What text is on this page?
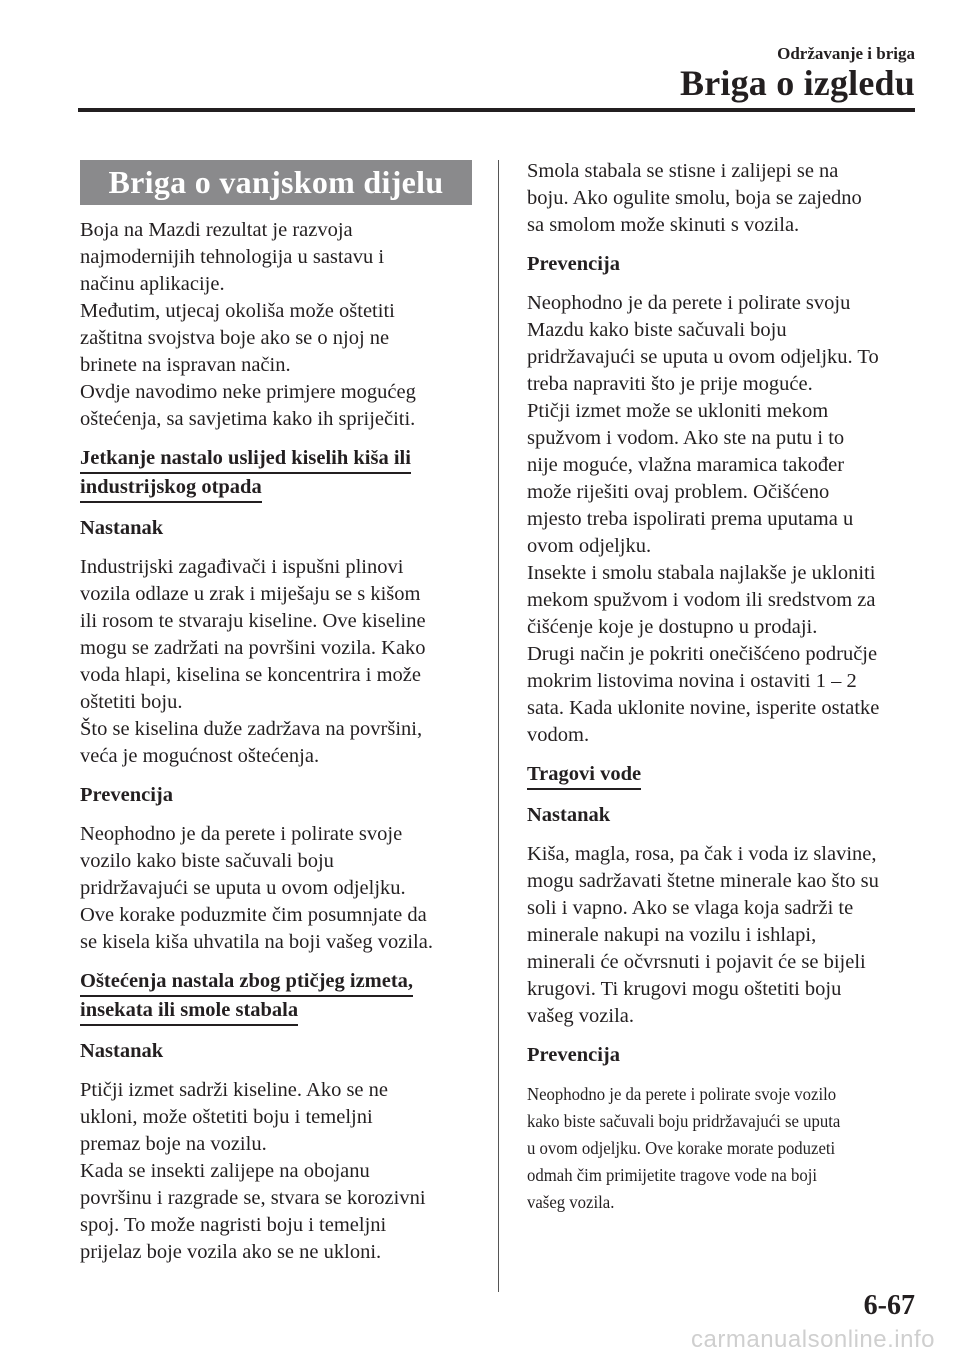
Održavanje i briga
Briga o izgledu
Briga o vanjskom dijelu

Boja na Mazdi rezultat je razvoja
najmodernijih tehnologija u sastavu i
načinu aplikacije.
Međutim, utjecaj okoliša može oštetiti
zaštitna svojstva boje ako se o njoj ne
brinete na ispravan način.
Ovdje navodimo neke primjere mogućeg
oštećenja, sa savjetima kako ih spriječiti.

Jetkanje nastalo uslijed kiselih kiša ili
industrijskog otpada
Nastanak

Industrijski zagađivači i ispušni plinovi
vozila odlaze u zrak i miješaju se s kišom
ili rosom te stvaraju kiseline. Ove kiseline
mogu se zadržati na površini vozila. Kako
voda hlapi, kiselina se koncentrira i može
oštetiti boju.
Što se kiselina duže zadržava na površini,
veća je mogućnost oštećenja.

Prevencija

Neophodno je da perete i polirate svoje
vozilo kako biste sačuvali boju
pridržavajući se uputa u ovom odjeljku.
Ove korake poduzmite čim posumnjate da
se kisela kiša uhvatila na boji vašeg vozila.

Oštećenja nastala zbog ptičjeg izmeta,
insekata ili smole stabala
Nastanak

Ptičji izmet sadrži kiseline. Ako se ne
ukloni, može oštetiti boju i temeljni
premaz boje na vozilu.
Kada se insekti zalijepe na obojanu
površinu i razgrade se, stvara se korozivni
spoj. To može nagristi boju i temeljni
prijelaz boje vozila ako se ne ukloni.

Smola stabala se stisne i zalijepi se na
boju. Ako ogulite smolu, boja se zajedno
sa smolom može skinuti s vozila.

Prevencija

Neophodno je da perete i polirate svoju
Mazdu kako biste sačuvali boju
pridržavajući se uputa u ovom odjeljku. To
treba napraviti što je prije moguće.
Ptičji izmet može se ukloniti mekom
spužvom i vodom. Ako ste na putu i to
nije moguće, vlažna maramica također
može riješiti ovaj problem. Očišćeno
mjesto treba ispolirati prema uputama u
ovom odjeljku.
Insekte i smolu stabala najlakše je ukloniti
mekom spužvom i vodom ili sredstvom za
čišćenje koje je dostupno u prodaji.
Drugi način je pokriti onečišćeno područje
mokrim listovima novina i ostaviti 1 – 2
sata. Kada uklonite novine, isperite ostatke
vodom.

Tragovi vode
Nastanak

Kiša, magla, rosa, pa čak i voda iz slavine,
mogu sadržavati štetne minerale kao što su
soli i vapno. Ako se vlaga koja sadrži te
minerale nakupi na vozilu i ishlapi,
minerali će očvrsnuti i pojavit će se bijeli
krugovi. Ti krugovi mogu oštetiti boju
vašeg vozila.

Prevencija

Neophodno je da perete i polirate svoje vozilo
kako biste sačuvali boju pridržavajući se uputa
u ovom odjeljku. Ove korake morate poduzeti
odmah čim primijetite tragove vode na boji
vašeg vozila.

6-67
carmanualsonline.info
